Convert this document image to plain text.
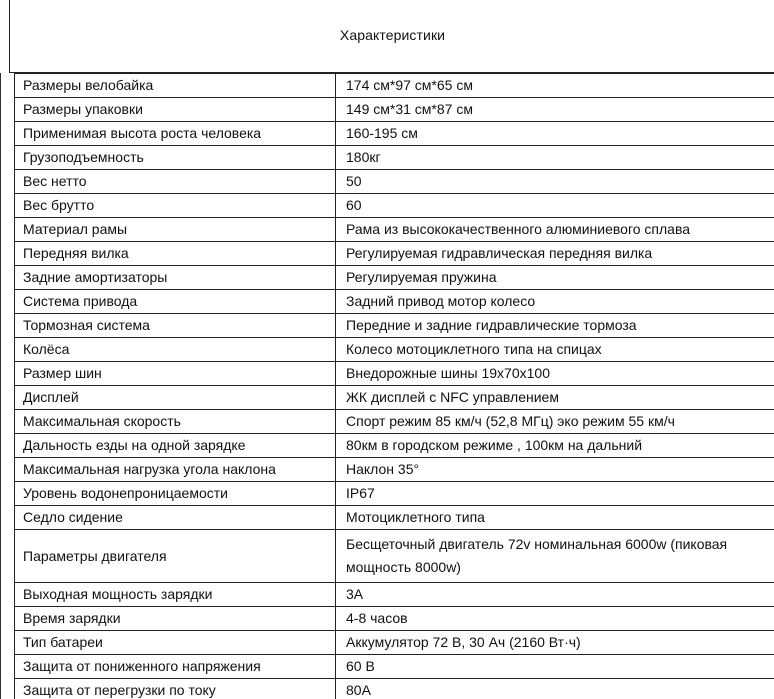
Характеристики
Размеры велобайка	174 см*97 см*65 см
Размеры упаковки	149 см*31 см*87 см
Применимая высота роста человека	160-195 см
Грузоподъемность	180кг
Вес нетто	50
Вес брутто	60
Материал рамы	Рама из высококачественного алюминиевого сплава
Передняя вилка	Регулируемая гидравлическая передняя вилка
Задние амортизаторы	Регулируемая пружина
Система привода	Задний привод мотор колесо
Тормозная система	Передние и задние гидравлические тормоза
Колёса	Колесо мотоциклетного типа на спицах
Размер шин	Внедорожные шины 19x70x100
Дисплей	ЖК дисплей с NFC управлением
Максимальная скорость	Спорт режим 85 км/ч (52,8 МГц) эко режим 55 км/ч
Дальность езды на одной зарядке	80км в городском режиме , 100км на дальний
Максимальная нагрузка угола наклона	Наклон 35°
Уровень водонепроницаемости	IP67
Седло сидение	Мотоциклетного типа
Параметры двигателя	Бесщеточный двигатель 72v номинальная 6000w (пиковая мощность 8000w)
Выходная мощность зарядки	3A
Время зарядки	4-8 часов
Тип батареи	Аккумулятор 72 В, 30 Ач (2160 Вт·ч)
Защита от пониженного напряжения	60 В
Защита от перегрузки по току	80A
